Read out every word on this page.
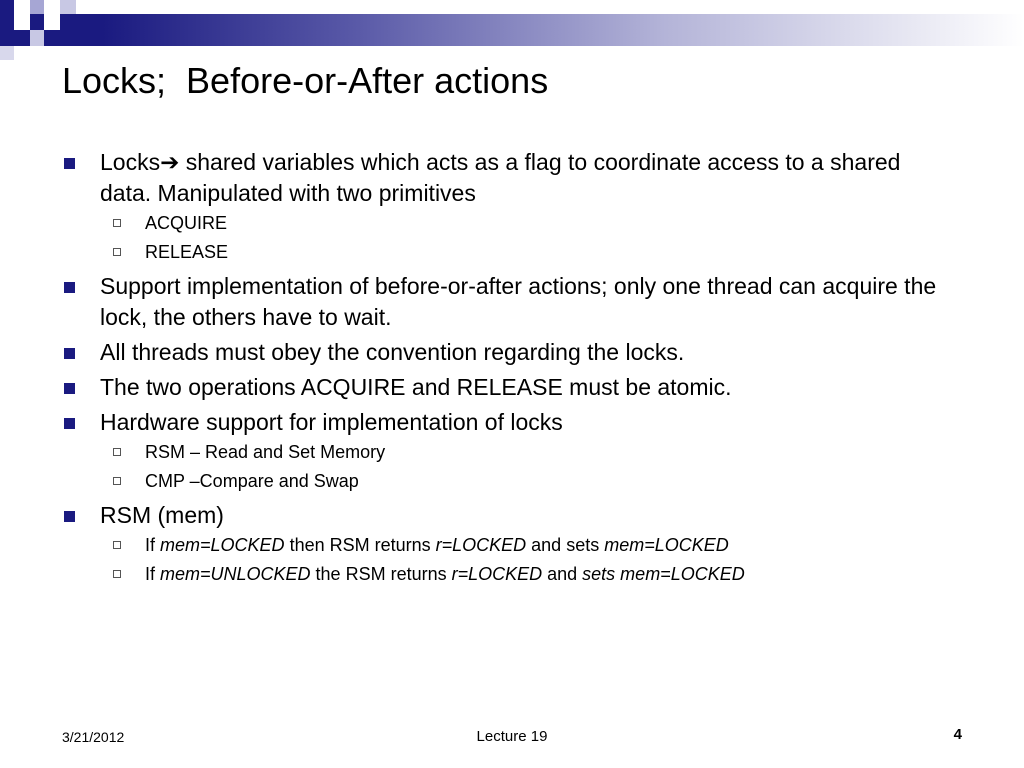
Locks;  Before-or-After actions
Locks➔ shared variables which acts as a flag to coordinate access to a shared data. Manipulated with two primitives
ACQUIRE
RELEASE
Support implementation of before-or-after actions; only one thread can acquire the lock, the others have to wait.
All threads must obey the convention regarding the locks.
The two operations ACQUIRE and RELEASE must be atomic.
Hardware support for implementation of locks
RSM – Read and Set Memory
CMP –Compare and Swap
RSM (mem)
If mem=LOCKED then RSM returns r=LOCKED and sets mem=LOCKED
If mem=UNLOCKED the RSM returns r=LOCKED and sets mem=LOCKED
3/21/2012	Lecture 19	4
